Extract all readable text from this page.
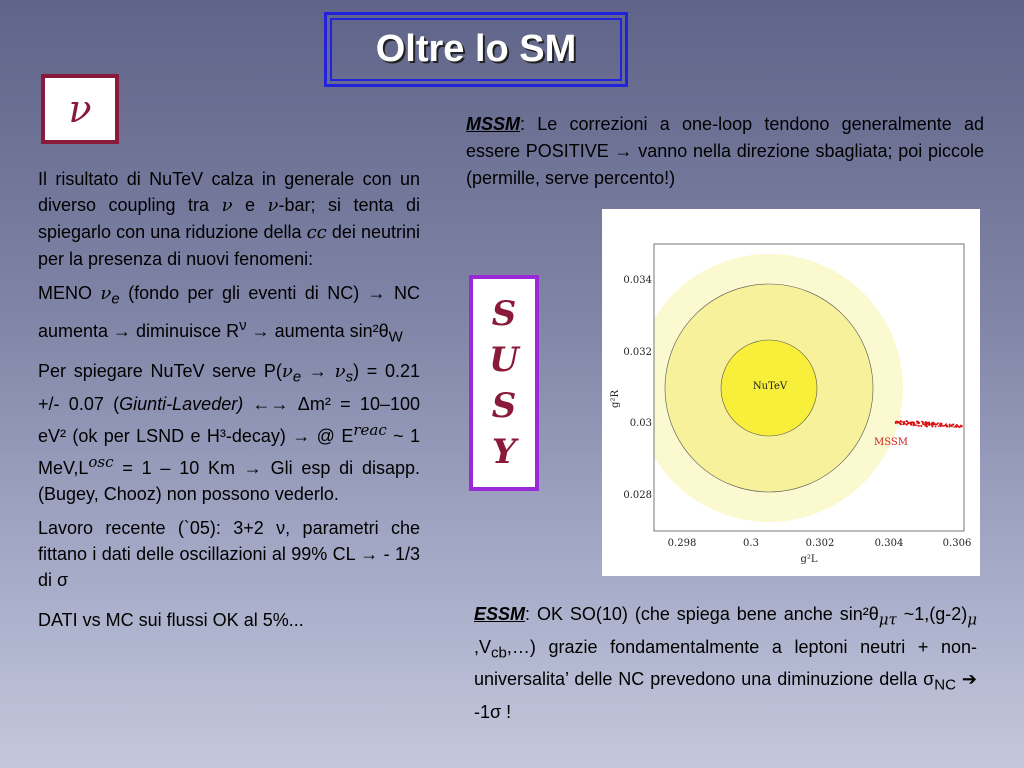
Oltre lo SM
ν

Il risultato di NuTeV calza in generale con un diverso coupling tra ν e ν-bar; si tenta di spiegarlo con una riduzione della cc dei neutrini per la presenza di nuovi fenomeni:

MENO $\nu_e$ (fondo per gli eventi di NC) → NC aumenta → diminuisce $R^\nu$ → aumenta $\sin^2\theta_W$

Per spiegare NuTeV serve $P(\nu_e \to \nu_s) = 0.21$ +/- 0.07 (Giunti-Laveder) ←→ Δm² = 10–100 eV² (ok per LSND e H³-decay) → @ $E^{reac}$ ~ 1 $MeV,L^{osc} = 1 - 10$ Km → Gli esp di disapp. (Bugey, Chooz) non possono vederlo.

Lavoro recente (`05): 3+2 ν, parametri che fittano i dati delle oscillazioni al 99% CL → - 1/3 di σ

DATI vs MC sui flussi OK al 5%...

MSSM: Le correzioni a one-loop tendono generalmente ad essere POSITIVE → vanno nella direzione sbagliata; poi piccole (permille, serve percento!)
S
U
S
Y
0.298	0.3	0.302	0.304	0.306
0.034
0.032
0.03
0.028
g²L
g²R
NuTeV
MSSM
ESSM: OK SO(10) (che spiega bene anche $\sin^2\theta_{\mu\tau}$ $\sim 1,(g-2)_\mu$ $,V_{cb},\dots$) grazie fondamentalmente a leptoni neutri + non-universalita’ delle NC prevedono una diminuzione della $\sigma_{NC}$ ➔ -1σ !
